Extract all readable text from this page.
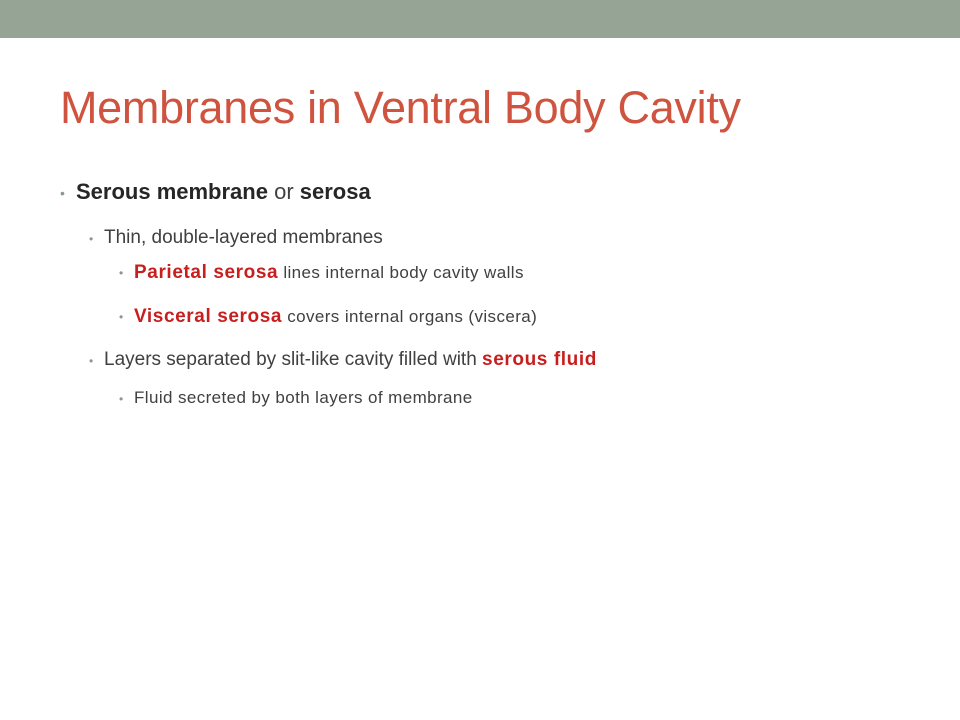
Membranes in Ventral Body Cavity
• Serous membrane or serosa
• Thin, double-layered membranes
• Parietal serosa lines internal body cavity walls
• Visceral serosa covers internal organs (viscera)
• Layers separated by slit-like cavity filled with serous fluid
• Fluid secreted by both layers of membrane
